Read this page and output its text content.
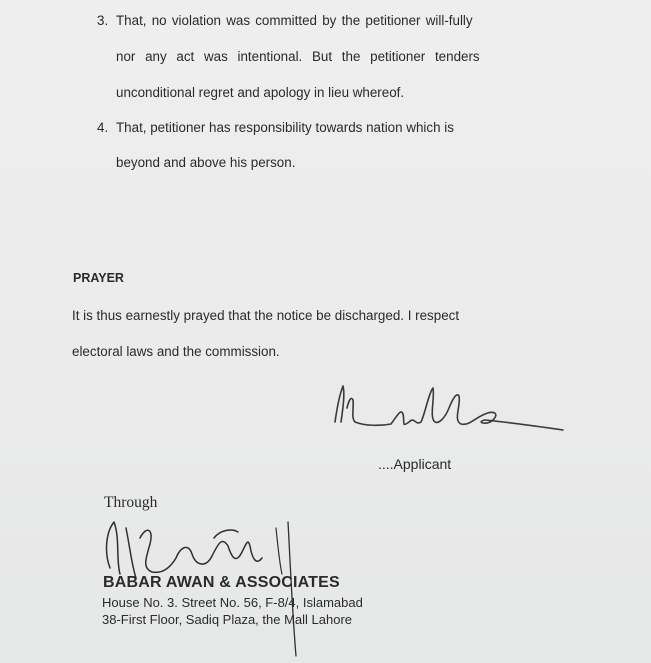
3. That, no violation was committed by the petitioner will-fully
nor any act was intentional. But the petitioner tenders
unconditional regret and apology in lieu whereof.
4. That, petitioner has responsibility towards nation which is
beyond and above his person.
PRAYER
It is thus earnestly prayed that the notice be discharged. I respect
electoral laws and the commission.
....Applicant
Through
BABAR AWAN & ASSOCIATES
House No. 3. Street No. 56, F-8/4, Islamabad
38-First Floor, Sadiq Plaza, the Mall Lahore
